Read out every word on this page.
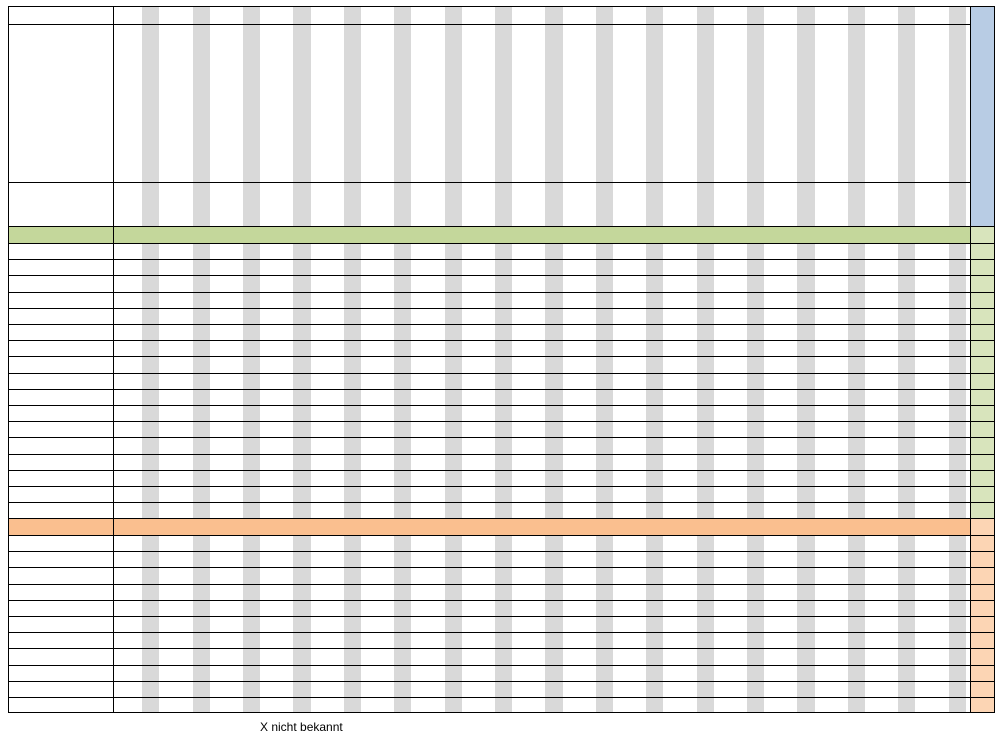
X nicht bekannt
